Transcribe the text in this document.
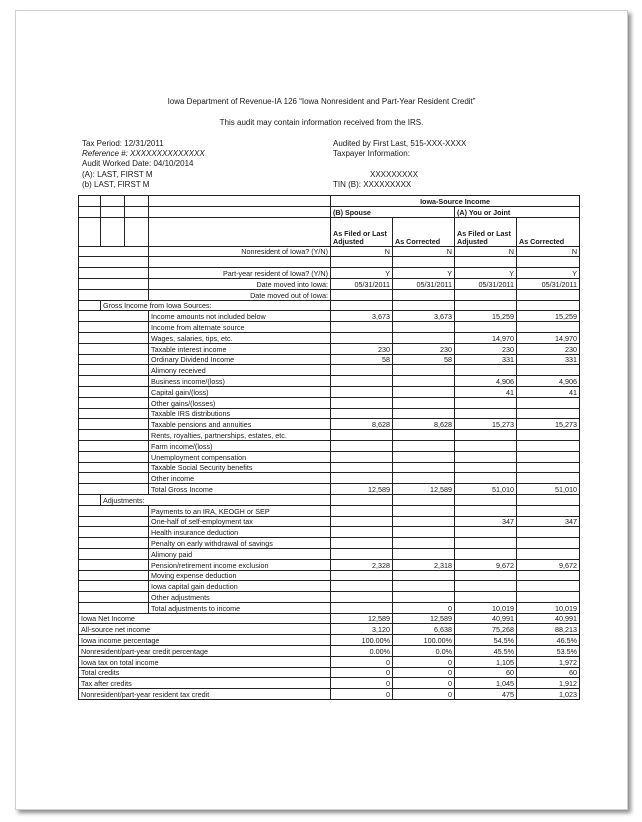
Iowa Department of Revenue-IA 126 “Iowa Nonresident and Part-Year Resident Credit”
This audit may contain information received from the IRS.
Tax Period: 12/31/2011
Reference #: XXXXXXXXXXXXXX
Audit Worked Date: 04/10/2014
(A): LAST, FIRST M
(b) LAST, FIRST M
Audited by First Last, 515-XXX-XXXX
Taxpayer Information:
XXXXXXXXX
TIN (B): XXXXXXXXX
				Iowa-Source Income			
				(B) Spouse		(A) You or Joint	
				As Filed or Last Adjusted	As Corrected	As Filed or Last Adjusted	As Corrected
			Nonresident of Iowa? (Y/N)	N	N	N	N

			Part-year resident of Iowa? (Y/N)	Y	Y	Y	Y
			Date moved into Iowa:	05/31/2011	05/31/2011	05/31/2011	05/31/2011
			Date moved out of Iowa:				
	Gross Income from Iowa Sources:						
			Income amounts not included below	3,673	3,673	15,259	15,259
			Income from alternate source				
			Wages, salaries, tips, etc.			14,970	14,970
			Taxable interest income	230	230	230	230
			Ordinary Dividend Income	58	58	331	331
			Alimony received				
			Business income/(loss)			4,906	4,906
			Capital gain/(loss)			41	41
			Other gains/(losses)				
			Taxable IRS distributions				
			Taxable pensions and annuities	8,628	8,628	15,273	15,273
			Rents, royalties, partnerships, estates, etc.				
			Farm income/(loss)				
			Unemployment compensation				
			Taxable Social Security benefits				
			Other income				
			Total Gross Income	12,589	12,589	51,010	51,010
	Adjustments:						
			Payments to an IRA, KEOGH or SEP				
			One-half of self-employment tax			347	347
			Health insurance deduction				
			Penalty on early withdrawal of savings				
			Alimony paid				
			Pension/retirement income exclusion	2,328	2,318	9,672	9,672
			Moving expense deduction				
			Iowa capital gain deduction				
			Other adjustments				
			Total adjustments to income		0	10,019	10,019
Iowa Net Income				12,589	12,589	40,991	40,991
All-source net income				3,120	6,638	75,268	88,213
Iowa income percentage				100.00%	100.00%	54.5%	46.5%
Nonresident/part-year credit percentage				0.00%	0.0%	45.5%	53.5%
Iowa tax on total income				0	0	1,105	1,972
Total credits				0	0	60	60
Tax after credits				0	0	1,045	1,912
Nonresident/part-year resident tax credit				0	0	475	1,023
